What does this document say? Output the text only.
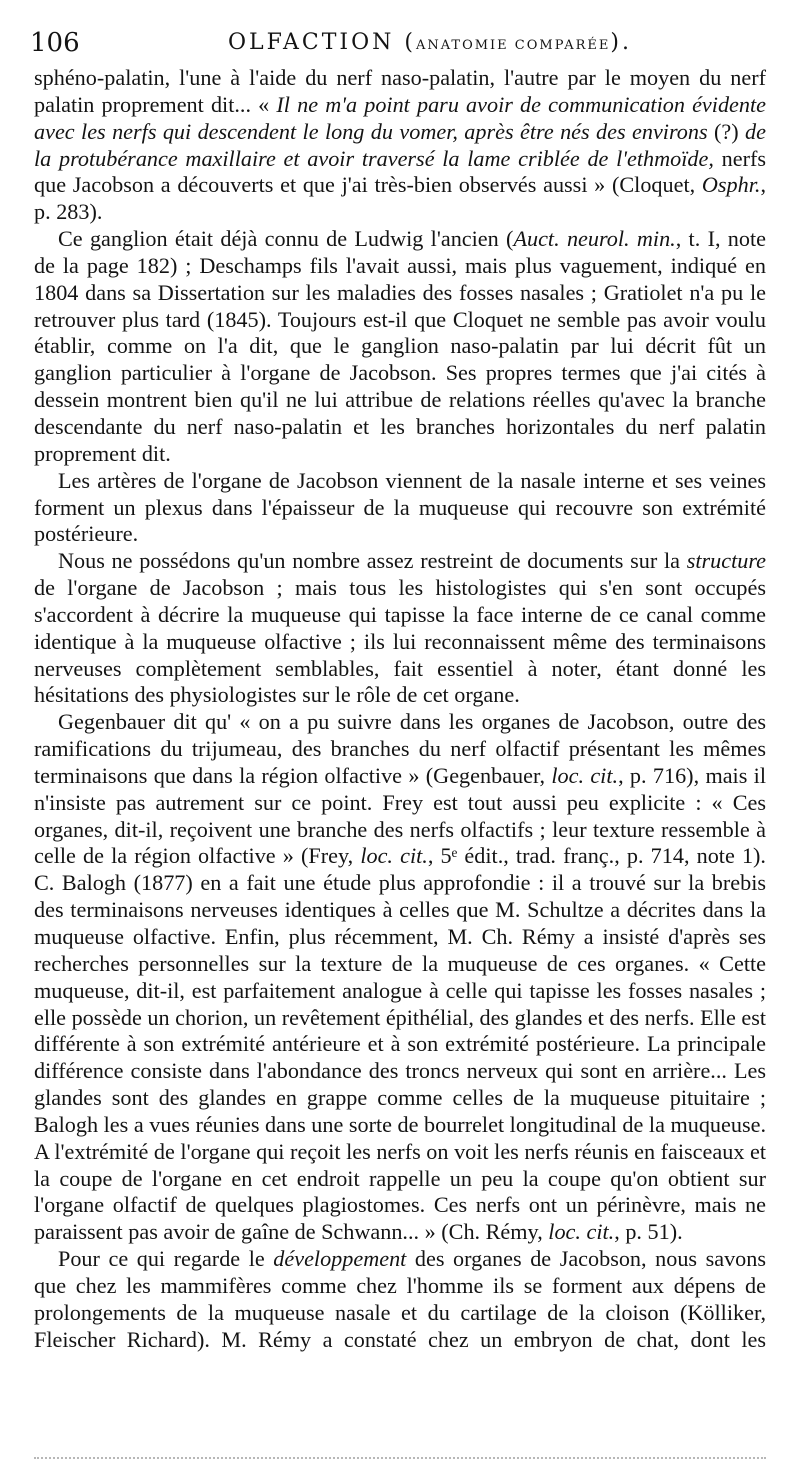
106	OLFACTION (ANATOMIE COMPARÉE).

sphéno-palatin, l'une à l'aide du nerf naso-palatin, l'autre par le moyen du nerf palatin proprement dit... « Il ne m'a point paru avoir de communication évidente avec les nerfs qui descendent le long du vomer, après être nés des environs (?) de la protubérance maxillaire et avoir traversé la lame criblée de l'ethmoïde, nerfs que Jacobson a découverts et que j'ai très-bien observés aussi » (Cloquet, Osphr., p. 283).

Ce ganglion était déjà connu de Ludwig l'ancien (Auct. neurol. min., t. I, note de la page 182) ; Deschamps fils l'avait aussi, mais plus vaguement, indiqué en 1804 dans sa Dissertation sur les maladies des fosses nasales ; Gratiolet n'a pu le retrouver plus tard (1845). Toujours est-il que Cloquet ne semble pas avoir voulu établir, comme on l'a dit, que le ganglion naso-palatin par lui décrit fût un ganglion particulier à l'organe de Jacobson. Ses propres termes que j'ai cités à dessein montrent bien qu'il ne lui attribue de relations réelles qu'avec la branche descendante du nerf naso-palatin et les branches horizontales du nerf palatin proprement dit.

Les artères de l'organe de Jacobson viennent de la nasale interne et ses veines forment un plexus dans l'épaisseur de la muqueuse qui recouvre son extrémité postérieure.

Nous ne possédons qu'un nombre assez restreint de documents sur la structure de l'organe de Jacobson ; mais tous les histologistes qui s'en sont occupés s'accordent à décrire la muqueuse qui tapisse la face interne de ce canal comme identique à la muqueuse olfactive ; ils lui reconnaissent même des terminaisons nerveuses complètement semblables, fait essentiel à noter, étant donné les hésitations des physiologistes sur le rôle de cet organe.

Gegenbauer dit qu' « on a pu suivre dans les organes de Jacobson, outre des ramifications du trijumeau, des branches du nerf olfactif présentant les mêmes terminaisons que dans la région olfactive » (Gegenbauer, loc. cit., p. 716), mais il n'insiste pas autrement sur ce point. Frey est tout aussi peu explicite : « Ces organes, dit-il, reçoivent une branche des nerfs olfactifs ; leur texture ressemble à celle de la région olfactive » (Frey, loc. cit., 5ᵉ édit., trad. franç., p. 714, note 1). C. Balogh (1877) en a fait une étude plus approfondie : il a trouvé sur la brebis des terminaisons nerveuses identiques à celles que M. Schultze a décrites dans la muqueuse olfactive. Enfin, plus récemment, M. Ch. Rémy a insisté d'après ses recherches personnelles sur la texture de la muqueuse de ces organes. « Cette muqueuse, dit-il, est parfaitement analogue à celle qui tapisse les fosses nasales ; elle possède un chorion, un revêtement épithélial, des glandes et des nerfs. Elle est différente à son extrémité antérieure et à son extrémité postérieure. La principale différence consiste dans l'abondance des troncs nerveux qui sont en arrière... Les glandes sont des glandes en grappe comme celles de la muqueuse pituitaire ; Balogh les a vues réunies dans une sorte de bourrelet longitudinal de la muqueuse. A l'extrémité de l'organe qui reçoit les nerfs on voit les nerfs réunis en faisceaux et la coupe de l'organe en cet endroit rappelle un peu la coupe qu'on obtient sur l'organe olfactif de quelques plagiostomes. Ces nerfs ont un périnèvre, mais ne paraissent pas avoir de gaîne de Schwann... » (Ch. Rémy, loc. cit., p. 51).

Pour ce qui regarde le développement des organes de Jacobson, nous savons que chez les mammifères comme chez l'homme ils se forment aux dépens de prolongements de la muqueuse nasale et du cartilage de la cloison (Kölliker, Fleischer Richard). M. Rémy a constaté chez un embryon de chat, dont les
